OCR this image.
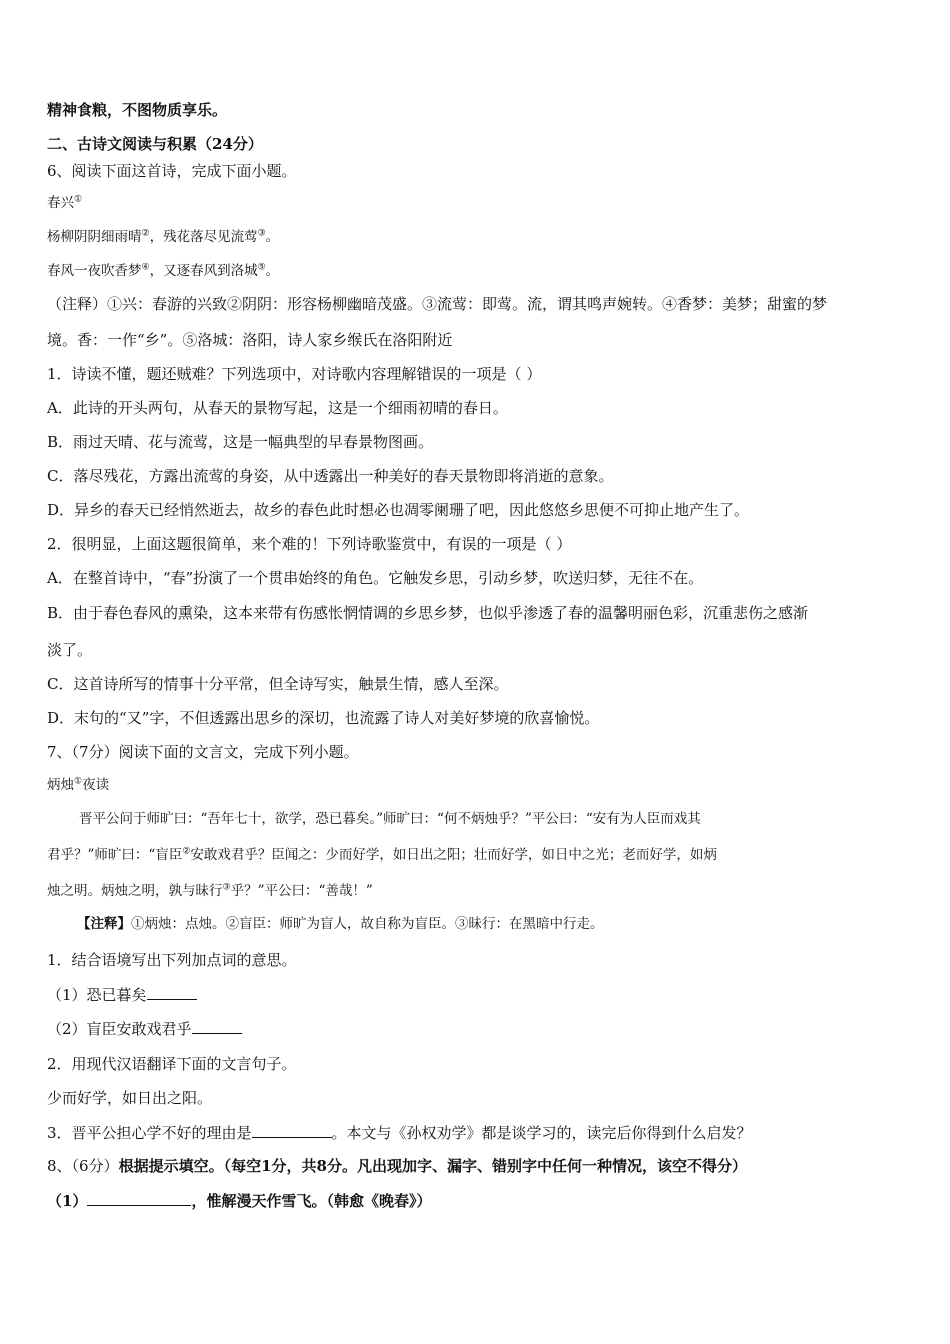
精神食粮，不图物质享乐。
二、古诗文阅读与积累（24分）
6、阅读下面这首诗，完成下面小题。
春兴①
杨柳阴阴细雨晴②，残花落尽见流莺③。
春风一夜吹香梦④，又逐春风到洛城⑤。
（注释）①兴：春游的兴致②阴阴：形容杨柳幽暗茂盛。③流莺：即莺。流，谓其鸣声婉转。④香梦：美梦；甜蜜的梦
境。香：一作“乡”。⑤洛城：洛阳，诗人家乡缑氏在洛阳附近
1．诗读不懂，题还贼难？下列选项中，对诗歌内容理解错误的一项是（ ）
A．此诗的开头两句，从春天的景物写起，这是一个细雨初晴的春日。
B．雨过天晴、花与流莺，这是一幅典型的早春景物图画。
C．落尽残花，方露出流莺的身姿，从中透露出一种美好的春天景物即将消逝的意象。
D．异乡的春天已经悄然逝去，故乡的春色此时想必也凋零阑珊了吧，因此悠悠乡思便不可抑止地产生了。
2．很明显，上面这题很简单，来个难的！下列诗歌鉴赏中，有误的一项是（ ）
A．在整首诗中，“春”扮演了一个贯串始终的角色。它触发乡思，引动乡梦，吹送归梦，无往不在。
B．由于春色春风的熏染，这本来带有伤感怅惘情调的乡思乡梦，也似乎渗透了春的温馨明丽色彩，沉重悲伤之感渐
淡了。
C．这首诗所写的情事十分平常，但全诗写实，触景生情，感人至深。
D．末句的“又”字，不但透露出思乡的深切，也流露了诗人对美好梦境的欣喜愉悦。
7、（7分）阅读下面的文言文，完成下列小题。
炳烛①夜读
晋平公问于师旷曰：“吾年七十，欲学，恐已暮矣。”师旷曰：“何不炳烛乎？”平公曰：“安有为人臣而戏其
君乎？”师旷曰：“盲臣②安敢戏君乎？臣闻之：少而好学，如日出之阳；壮而好学，如日中之光；老而好学，如炳
烛之明。炳烛之明，孰与昧行③乎？”平公曰：“善哉！”
【注释】①炳烛：点烛。②盲臣：师旷为盲人，故自称为盲臣。③昧行：在黑暗中行走。
1．结合语境写出下列加点词的意思。
（1）恐已暮矣
（2）盲臣安敢戏君乎
2．用现代汉语翻译下面的文言句子。
少而好学，如日出之阳。
3．晋平公担心学不好的理由是	。本文与《孙权劝学》都是谈学习的，读完后你得到什么启发？
8、（6分）根据提示填空。（每空1分，共8分。凡出现加字、漏字、错别字中任何一种情况，该空不得分）
（1）	，惟解漫天作雪飞。（韩愈《晚春》）
